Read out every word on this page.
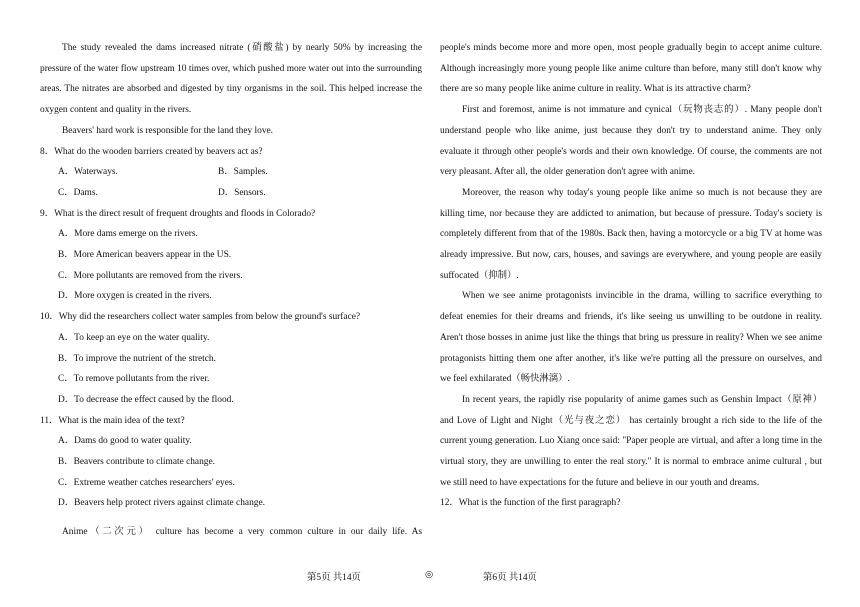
The study revealed the dams increased nitrate (硝酸盐) by nearly 50% by increasing the pressure of the water flow upstream 10 times over, which pushed more water out into the surrounding areas. The nitrates are absorbed and digested by tiny organisms in the soil. This helped increase the oxygen content and quality in the rivers.

Beavers' hard work is responsible for the land they love.

8．What do the wooden barriers created by beavers act as?

A．Waterways.	B．Samples.
C．Dams.	D．Sensors.

9．What is the direct result of frequent droughts and floods in Colorado?

A．More dams emerge on the rivers.

B．More American beavers appear in the US.

C．More pollutants are removed from the rivers.

D．More oxygen is created in the rivers.

10．Why did the researchers collect water samples from below the ground's surface?

A．To keep an eye on the water quality.

B．To improve the nutrient of the stretch.

C．To remove pollutants from the river.

D．To decrease the effect caused by the flood.

11．What is the main idea of the text?

A．Dams do good to water quality.

B．Beavers contribute to climate change.

C．Extreme weather catches researchers' eyes.

D．Beavers help protect rivers against climate change.

Anime（二次元） culture has become a very common culture in our daily life. As

people's minds become more and more open, most people gradually begin to accept anime culture. Although increasingly more young people like anime culture than before, many still don't know why there are so many people like anime culture in reality. What is its attractive charm?

First and foremost, anime is not immature and cynical（玩物丧志的）. Many people don't understand people who like anime, just because they don't try to understand anime. They only evaluate it through other people's words and their own knowledge. Of course, the comments are not very pleasant. After all, the older generation don't agree with anime.

Moreover, the reason why today's young people like anime so much is not because they are killing time, nor because they are addicted to animation, but because of pressure. Today's society is completely different from that of the 1980s. Back then, having a motorcycle or a big TV at home was already impressive. But now, cars, houses, and savings are everywhere, and young people are easily suffocated（抑制）.

When we see anime protagonists invincible in the drama, willing to sacrifice everything to defeat enemies for their dreams and friends, it's like seeing us unwilling to be outdone in reality. Aren't those bosses in anime just like the things that bring us pressure in reality? When we see anime protagonists hitting them one after another, it's like we're putting all the pressure on ourselves, and we feel exhilarated（畅快淋漓）.

In recent years, the rapidly rise popularity of anime games such as Genshin Impact（原神） and Love of Light and Night（光与夜之恋） has certainly brought a rich side to the life of the current young generation. Luo Xiang once said: "Paper people are virtual, and after a long time in the virtual story, they are unwilling to enter the real story." It is normal to embrace anime cultural , but we still need to have expectations for the future and believe in our youth and dreams.

12．What is the function of the first paragraph?

第5页 共14页	◎	第6页 共14页
